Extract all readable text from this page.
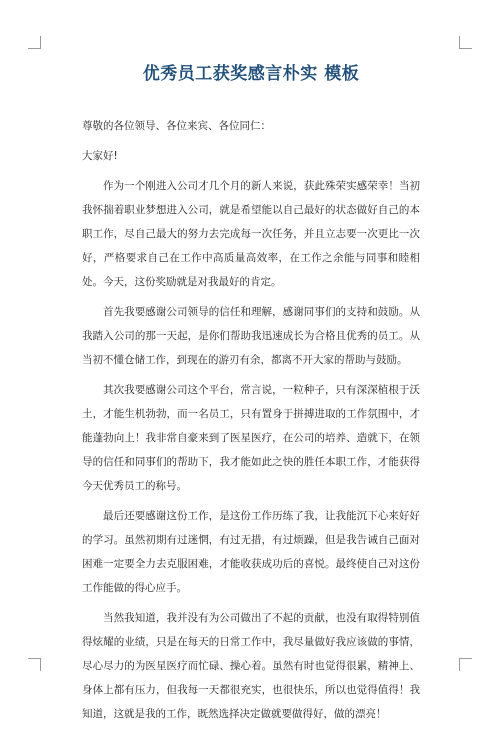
优秀员工获奖感言朴实 模板

尊敬的各位领导、各位来宾、各位同仁：

大家好!

作为一个刚进入公司才几个月的新人来说，获此殊荣实感荣幸！当初我怀揣着职业梦想进入公司，就是希望能以自己最好的状态做好自己的本职工作，尽自己最大的努力去完成每一次任务，并且立志要一次更比一次好，严格要求自己在工作中高质量高效率，在工作之余能与同事和睦相处。今天，这份奖励就是对我最好的肯定。

首先我要感谢公司领导的信任和理解，感谢同事们的支持和鼓励。从我踏入公司的那一天起，是你们帮助我迅速成长为合格且优秀的员工。从当初不懂仓储工作，到现在的游刃有余，都离不开大家的帮助与鼓励。

其次我要感谢公司这个平台，常言说，一粒种子，只有深深植根于沃土，才能生机勃勃，而一名员工，只有置身于拼搏进取的工作氛围中，才能蓬勃向上！我非常自豪来到了医星医疗，在公司的培养、造就下，在领导的信任和同事们的帮助下，我才能如此之快的胜任本职工作，才能获得今天优秀员工的称号。

最后还要感谢这份工作，是这份工作历练了我，让我能沉下心来好好的学习。虽然初期有过迷惘，有过无措，有过烦躁，但是我告诫自己面对困难一定要全力去克服困难，才能收获成功后的喜悦。最终使自己对这份工作能做的得心应手。

当然我知道，我并没有为公司做出了不起的贡献，也没有取得特别值得炫耀的业绩，只是在每天的日常工作中，我尽量做好我应该做的事情，尽心尽力的为医星医疗而忙碌、操心着。虽然有时也觉得很累，精神上、身体上都有压力，但我每一天都很充实，也很快乐，所以也觉得值得！我知道，这就是我的工作，既然选择决定做就要做得好，做的漂亮！
